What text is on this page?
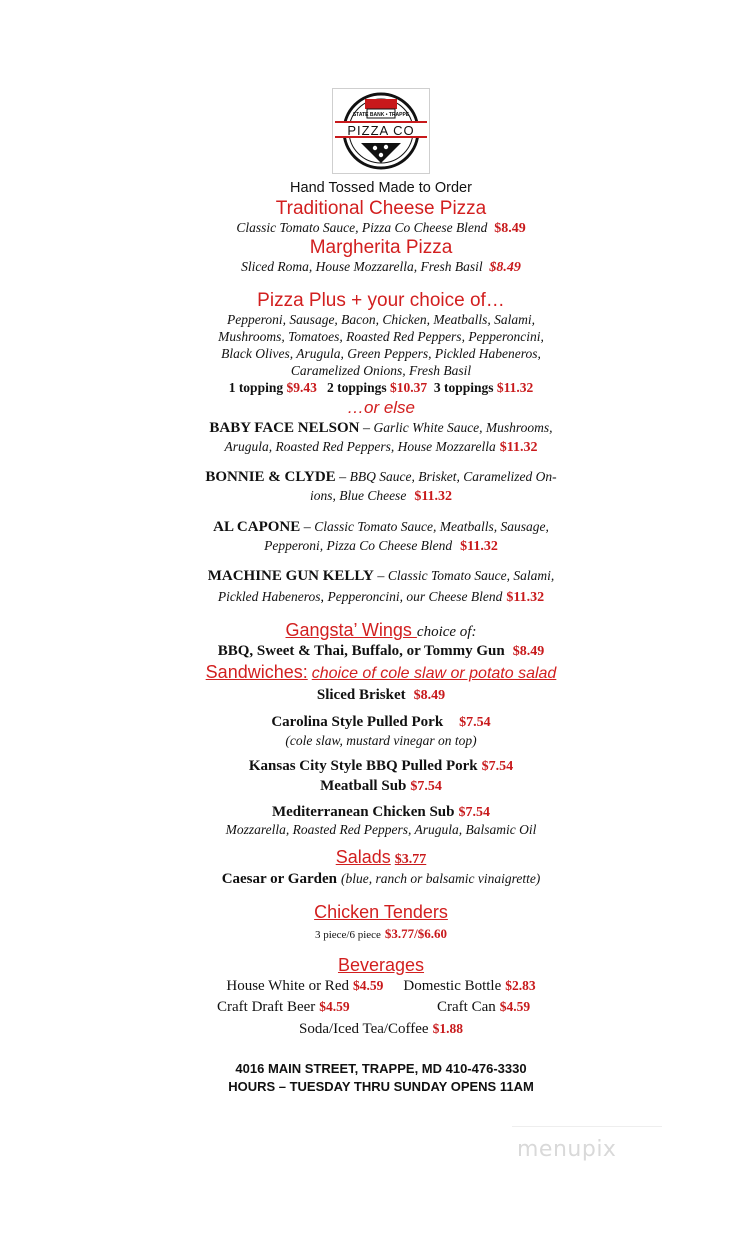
STATE BANK • TRAPPE
PIZZA CO
Hand Tossed Made to Order
Traditional Cheese Pizza
Classic Tomato Sauce, Pizza Co Cheese Blend $8.49
Margherita Pizza
Sliced Roma, House Mozzarella, Fresh Basil $8.49
Pizza Plus + your choice of…
Pepperoni, Sausage, Bacon, Chicken, Meatballs, Salami,
Mushrooms, Tomatoes, Roasted Red Peppers, Pepperoncini,
Black Olives, Arugula, Green Peppers, Pickled Habeneros,
Caramelized Onions, Fresh Basil
1 topping $9.43 2 toppings $10.37 3 toppings $11.32
…or else
BABY FACE NELSON – Garlic White Sauce, Mushrooms,
Arugula, Roasted Red Peppers, House Mozzarella $11.32
BONNIE & CLYDE – BBQ Sauce, Brisket, Caramelized On-
ions, Blue Cheese $11.32
AL CAPONE – Classic Tomato Sauce, Meatballs, Sausage,
Pepperoni, Pizza Co Cheese Blend $11.32
MACHINE GUN KELLY – Classic Tomato Sauce, Salami,
Pickled Habeneros, Pepperoncini, our Cheese Blend $11.32
Gangsta’ Wings choice of:
BBQ, Sweet & Thai, Buffalo, or Tommy Gun $8.49
Sandwiches: choice of cole slaw or potato salad
Sliced Brisket $8.49
Carolina Style Pulled Pork $7.54
(cole slaw, mustard vinegar on top)
Kansas City Style BBQ Pulled Pork $7.54
Meatball Sub $7.54
Mediterranean Chicken Sub $7.54
Mozzarella, Roasted Red Peppers, Arugula, Balsamic Oil
Salads $3.77
Caesar or Garden (blue, ranch or balsamic vinaigrette)
Chicken Tenders
3 piece/6 piece $3.77/$6.60
Beverages
House White or Red $4.59 Domestic Bottle $2.83
Craft Draft Beer $4.59	Craft Can $4.59
Soda/Iced Tea/Coffee $1.88
4016 MAIN STREET, TRAPPE, MD 410-476-3330
HOURS – TUESDAY THRU SUNDAY OPENS 11AM
menupix
